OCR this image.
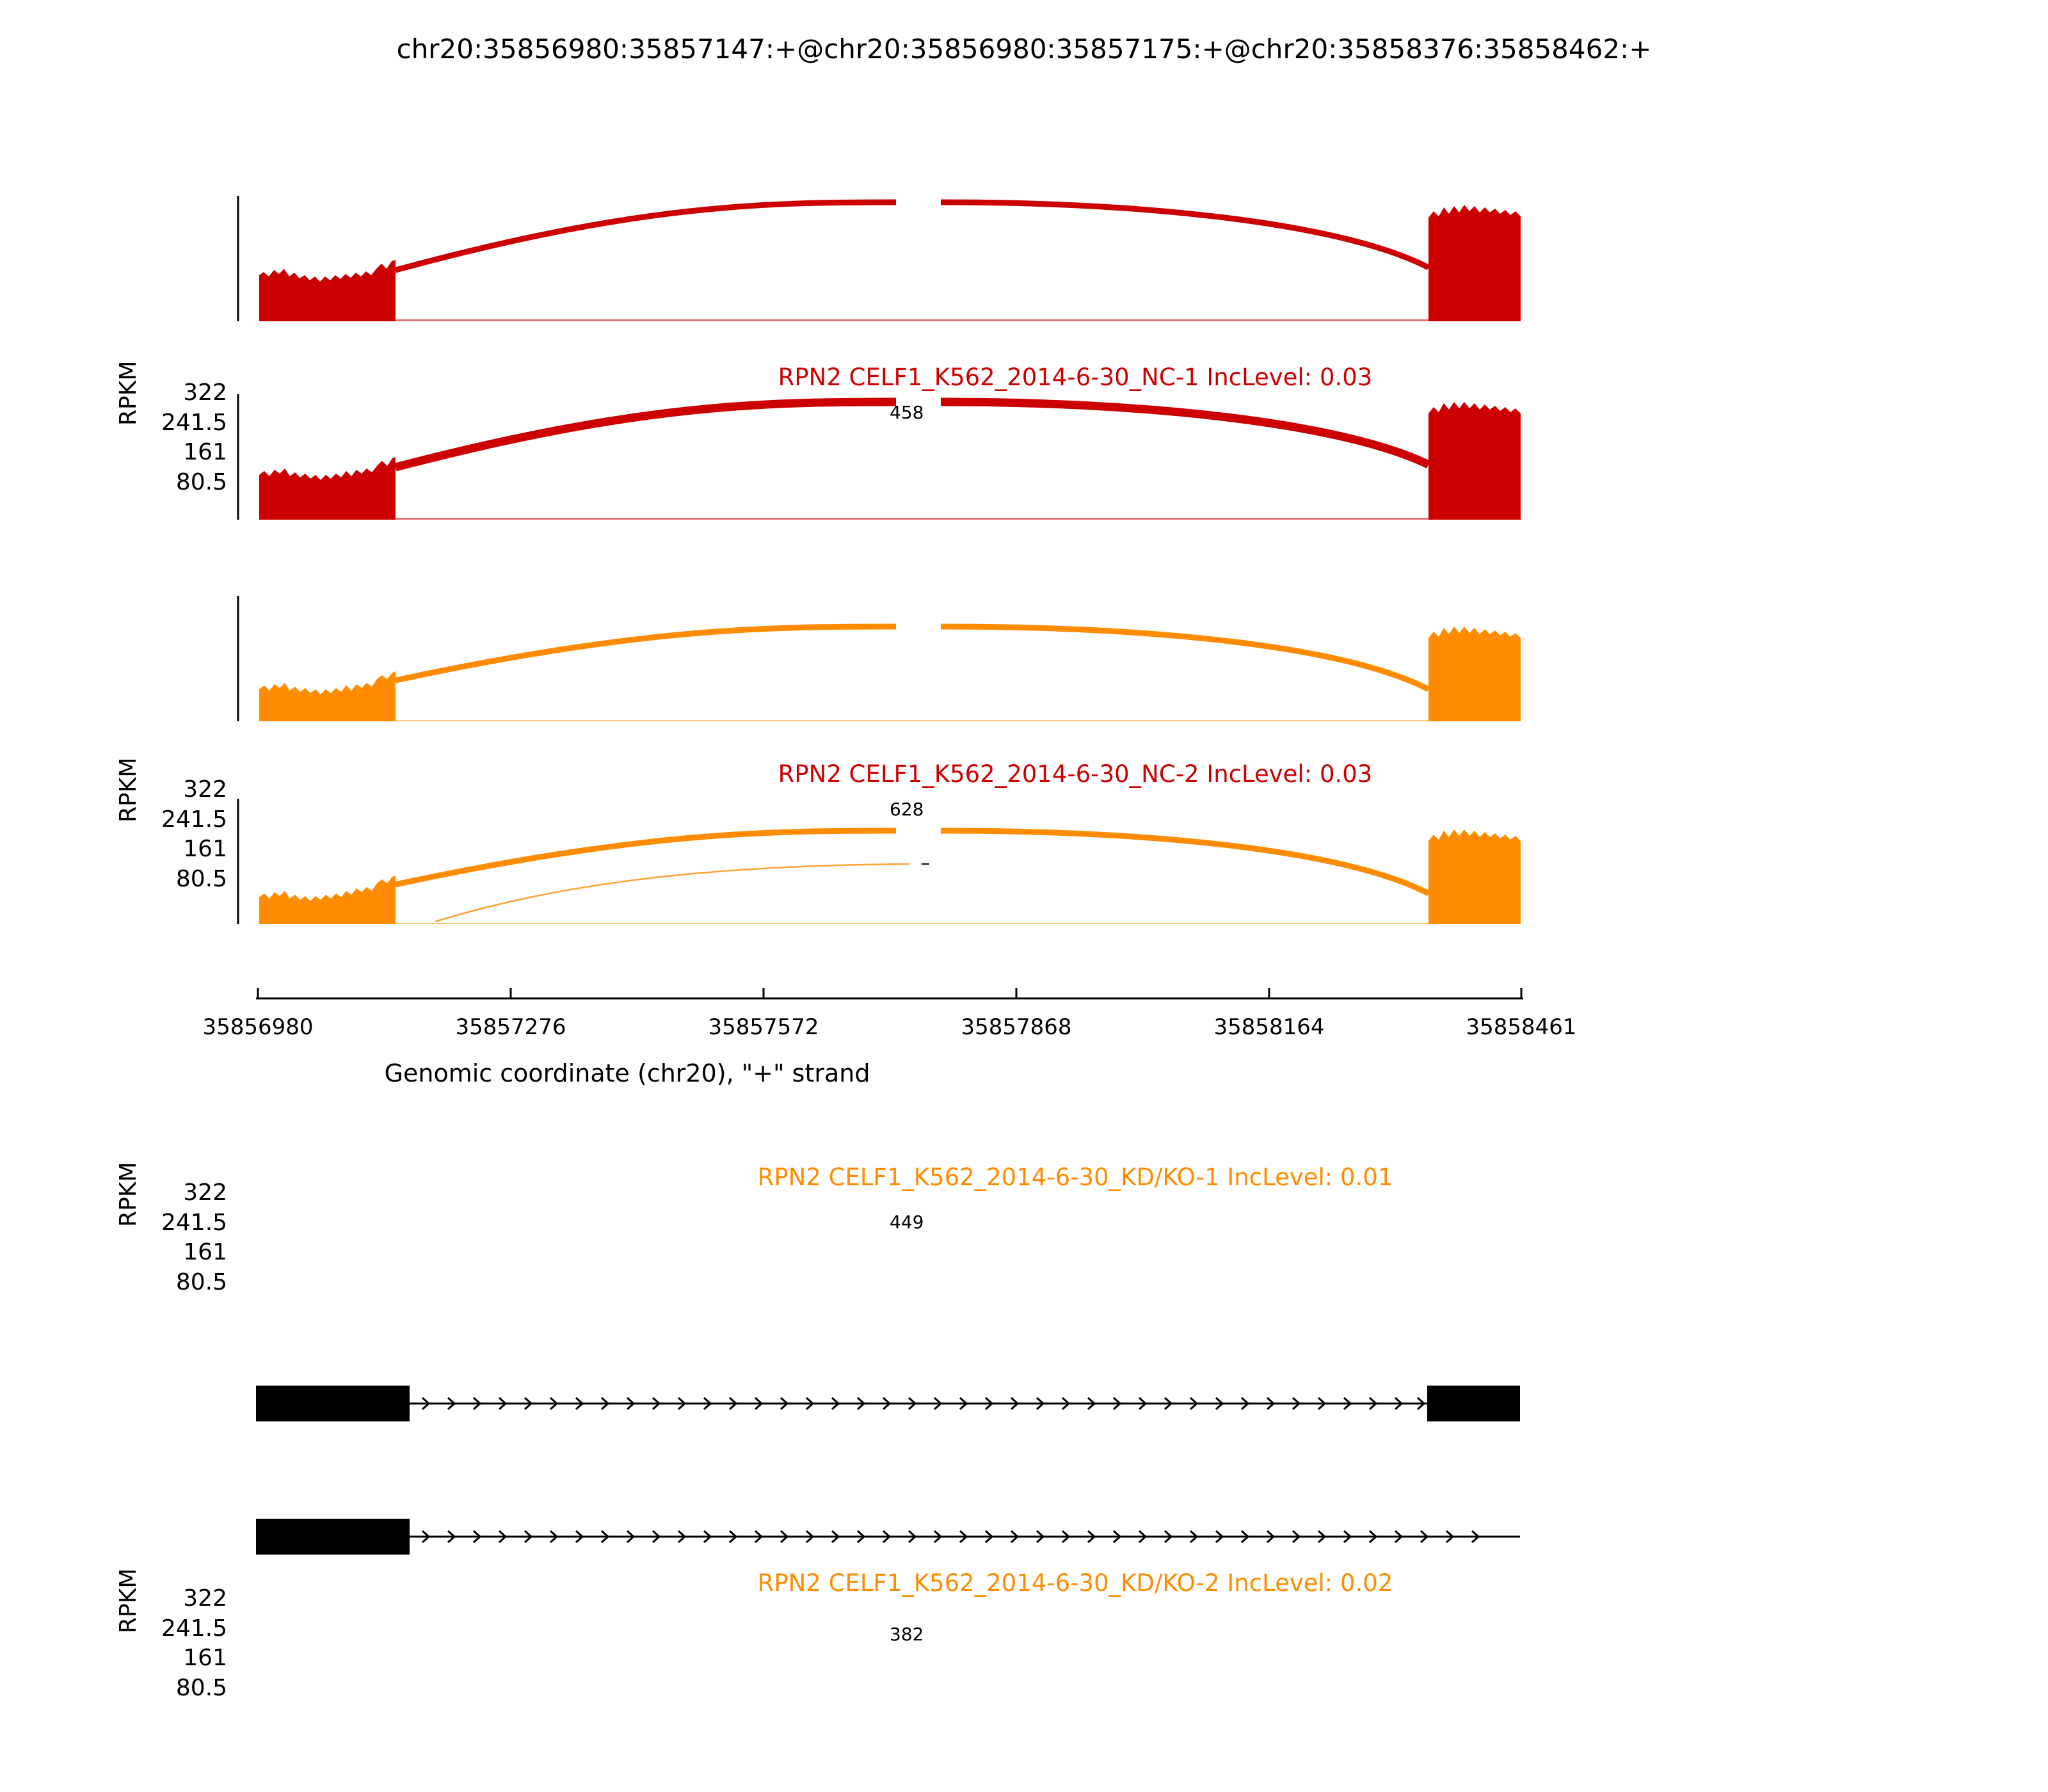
chr20:35856980:35857147:+@chr20:35856980:35857175:+@chr20:35858376:35858462:+
RPKM	322
241.5
161
80.5
RPN2 CELF1_K562_2014-6-30_NC-1 IncLevel: 0.03
458
RPKM	322
241.5
161
80.5
RPN2 CELF1_K562_2014-6-30_NC-2 IncLevel: 0.03
628
RPKM	322
241.5
161
80.5
RPN2 CELF1_K562_2014-6-30_KD/KO-1 IncLevel: 0.01
449
RPKM	322
241.5
161
80.5
RPN2 CELF1_K562_2014-6-30_KD/KO-2 IncLevel: 0.02
382
35856980	35857276	35857572	35857868	35858164	35858461
Genomic coordinate (chr20), "+" strand
